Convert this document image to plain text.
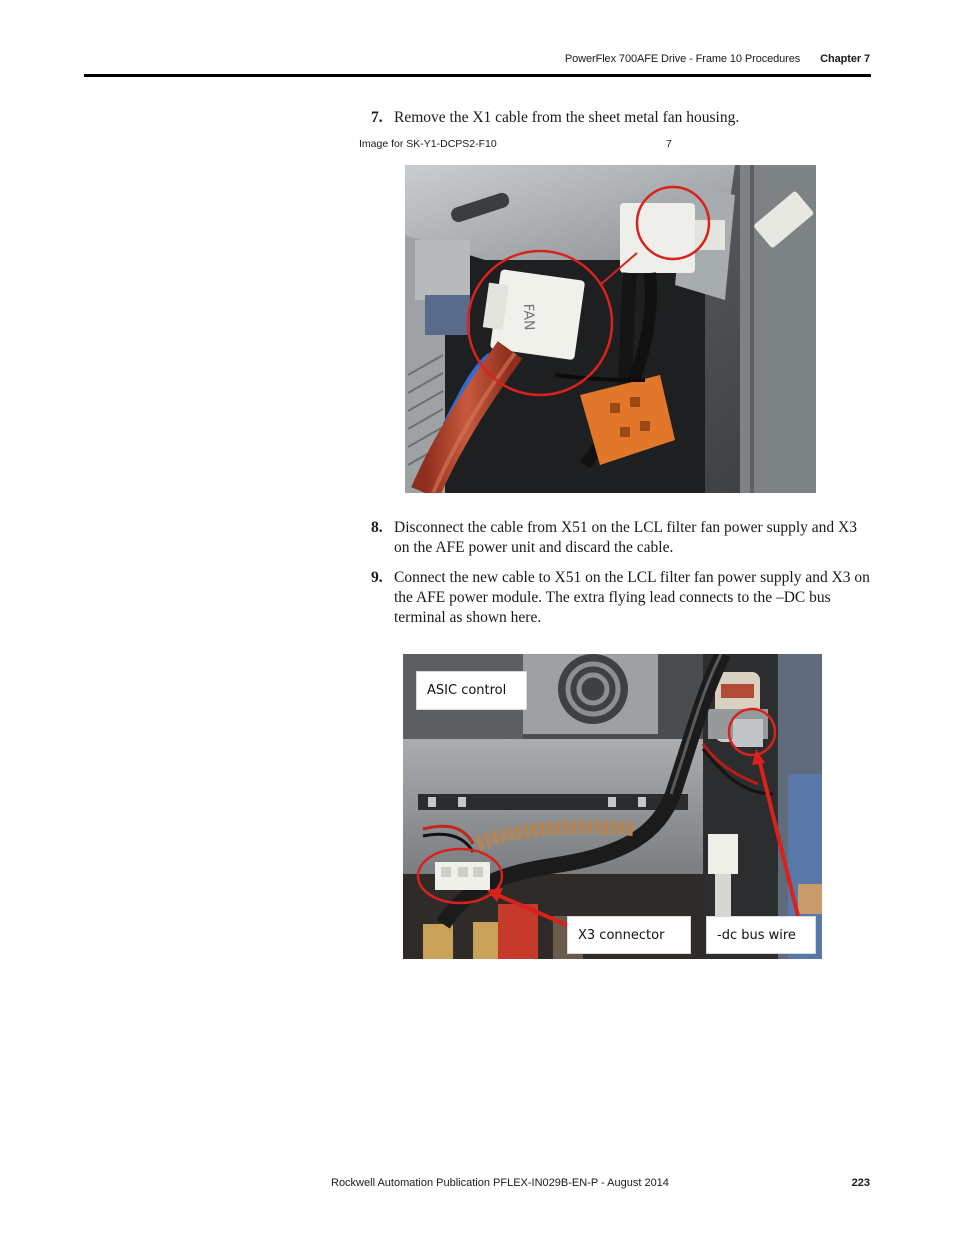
PowerFlex 700AFE Drive - Frame 10 Procedures Chapter 7
7. Remove the X1 cable from the sheet metal fan housing.
Image for SK-Y1-DCPS2-F10	7
FAN
8. Disconnect the cable from X51 on the LCL filter fan power supply and X3 on the AFE power unit and discard the cable.
9. Connect the new cable to X51 on the LCL filter fan power supply and X3 on the AFE power module. The extra flying lead connects to the –DC bus terminal as shown here.
ASIC control
X3 connector	-dc bus wire
Rockwell Automation Publication PFLEX-IN029B-EN-P - August 2014	223
